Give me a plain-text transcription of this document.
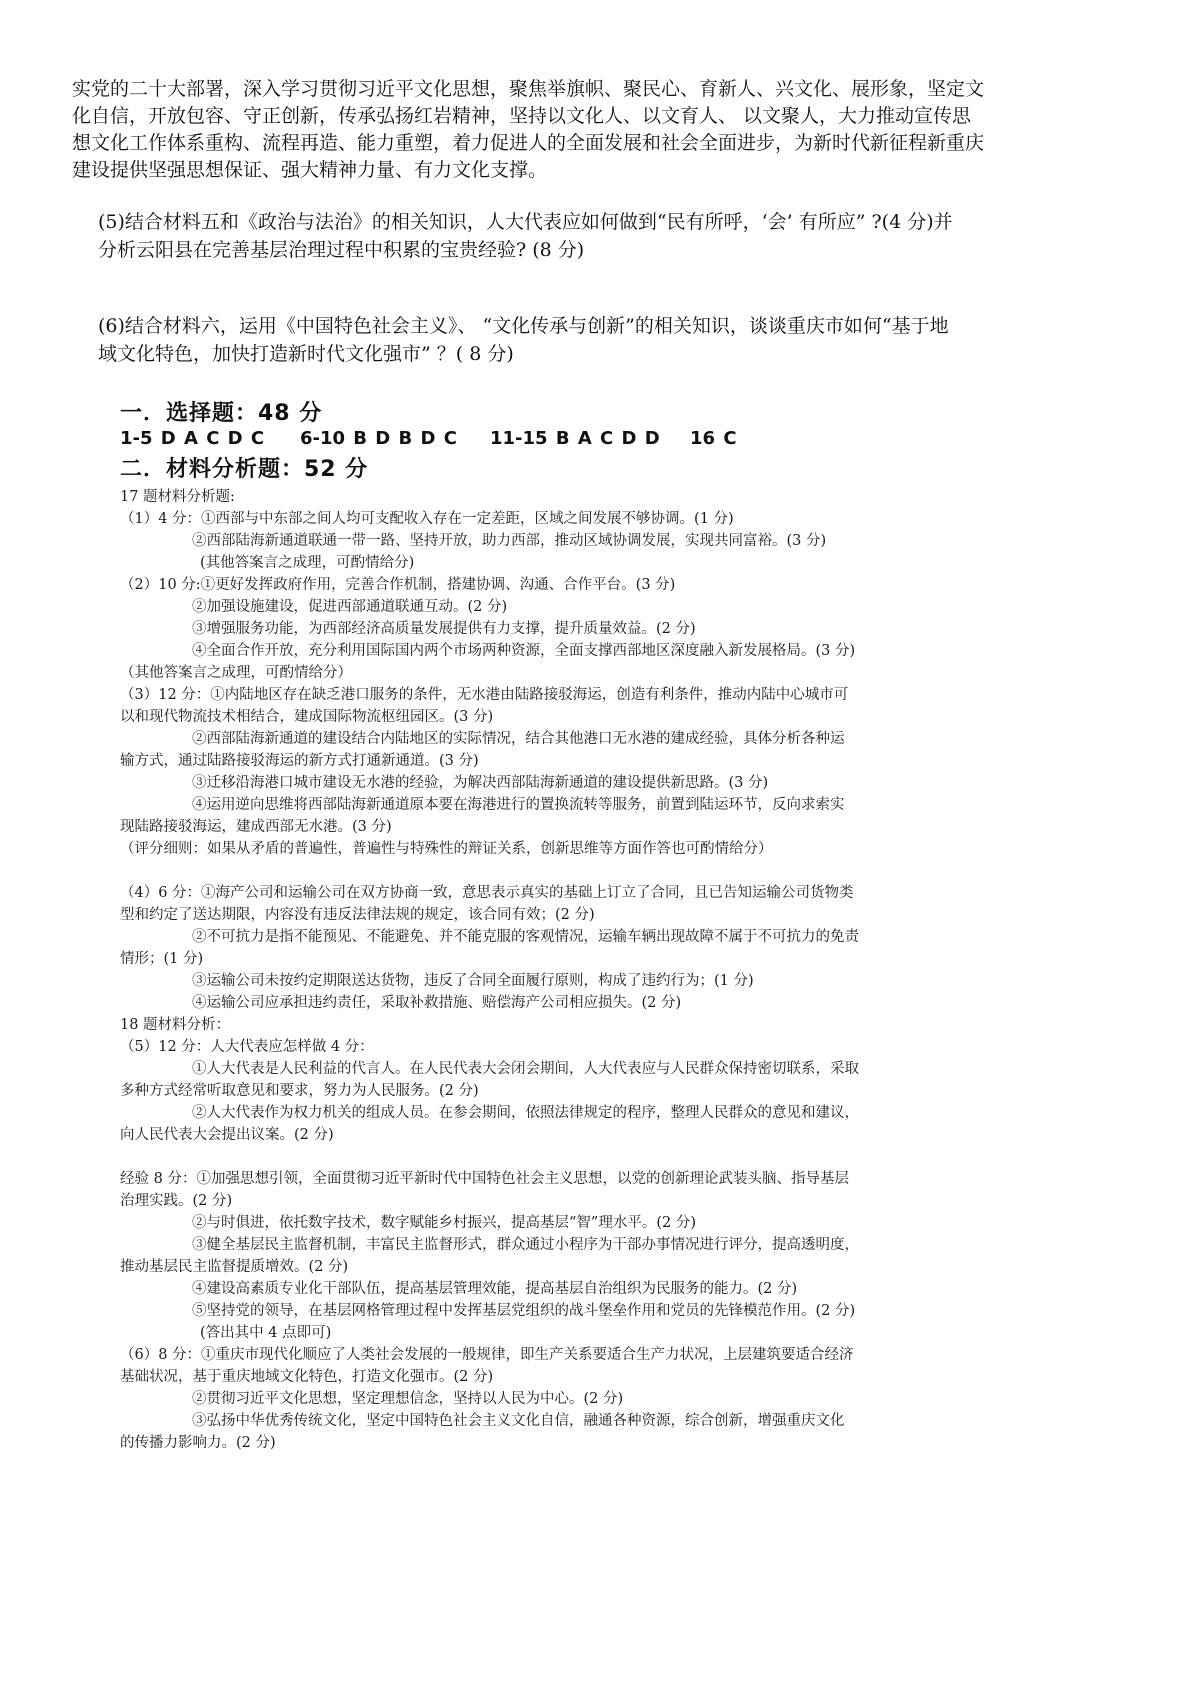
实党的二十大部署，深入学习贯彻习近平文化思想，聚焦举旗帜、聚民心、育新人、兴文化、展形象，坚定文
化自信，开放包容、守正创新，传承弘扬红岩精神，坚持以文化人、以文育人、 以文聚人，大力推动宣传思
想文化工作体系重构、流程再造、能力重塑，着力促进人的全面发展和社会全面进步，为新时代新征程新重庆
建设提供坚强思想保证、强大精神力量、有力文化支撑。
(5)结合材料五和《政治与法治》的相关知识，人大代表应如何做到“民有所呼，‘会’ 有所应” ?(4 分)并
分析云阳县在完善基层治理过程中积累的宝贵经验? (8 分)
(6)结合材料六，运用《中国特色社会主义》、 “文化传承与创新”的相关知识，谈谈重庆市如何“基于地
域文化特色，加快打造新时代文化强市” ？( 8 分)
一．选择题：48 分
1-5 D A C D C 6-10 B D B D C 11-15 B A C D D 16 C
二．材料分析题：52 分
17 题材料分析题:
（1）4 分：①西部与中东部之间人均可支配收入存在一定差距，区域之间发展不够协调。(1 分)
②西部陆海新通道联通一带一路、坚持开放，助力西部，推动区域协调发展，实现共同富裕。(3 分)
(其他答案言之成理，可酌情给分)
（2）10 分:①更好发挥政府作用，完善合作机制，搭建协调、沟通、合作平台。(3 分)
②加强设施建设，促进西部通道联通互动。(2 分)
③增强服务功能，为西部经济高质量发展提供有力支撑，提升质量效益。(2 分)
④全面合作开放，充分利用国际国内两个市场两种资源，全面支撑西部地区深度融入新发展格局。(3 分)
（其他答案言之成理，可酌情给分）
（3）12 分：①内陆地区存在缺乏港口服务的条件，无水港由陆路接驳海运，创造有利条件，推动内陆中心城市可
以和现代物流技术相结合，建成国际物流枢纽园区。(3 分)
②西部陆海新通道的建设结合内陆地区的实际情况，结合其他港口无水港的建成经验，具体分析各种运
输方式，通过陆路接驳海运的新方式打通新通道。(3 分)
③迁移沿海港口城市建设无水港的经验，为解决西部陆海新通道的建设提供新思路。(3 分)
④运用逆向思维将西部陆海新通道原本要在海港进行的置换流转等服务，前置到陆运环节，反向求索实
现陆路接驳海运，建成西部无水港。(3 分)
（评分细则：如果从矛盾的普遍性，普遍性与特殊性的辩证关系，创新思维等方面作答也可酌情给分）
（4）6 分：①海产公司和运输公司在双方协商一致，意思表示真实的基础上订立了合同，且已告知运输公司货物类
型和约定了送达期限，内容没有违反法律法规的规定，该合同有效；(2 分)
②不可抗力是指不能预见、不能避免、并不能克服的客观情况，运输车辆出现故障不属于不可抗力的免责
情形；(1 分)
③运输公司未按约定期限送达货物，违反了合同全面履行原则，构成了违约行为；(1 分)
④运输公司应承担违约责任，采取补救措施、赔偿海产公司相应损失。(2 分)
18 题材料分析：
（5）12 分：人大代表应怎样做 4 分：
①人大代表是人民利益的代言人。在人民代表大会闭会期间，人大代表应与人民群众保持密切联系，采取
多种方式经常听取意见和要求，努力为人民服务。(2 分)
②人大代表作为权力机关的组成人员。在参会期间，依照法律规定的程序，整理人民群众的意见和建议，
向人民代表大会提出议案。(2 分)
经验 8 分：①加强思想引领，全面贯彻习近平新时代中国特色社会主义思想，以党的创新理论武装头脑、指导基层
治理实践。(2 分)
②与时俱进，依托数字技术，数字赋能乡村振兴，提高基层“智”理水平。(2 分)
③健全基层民主监督机制，丰富民主监督形式，群众通过小程序为干部办事情况进行评分，提高透明度，
推动基层民主监督提质增效。(2 分)
④建设高素质专业化干部队伍，提高基层管理效能，提高基层自治组织为民服务的能力。(2 分)
⑤坚持党的领导，在基层网格管理过程中发挥基层党组织的战斗堡垒作用和党员的先锋模范作用。(2 分)
(答出其中 4 点即可)
（6）8 分：①重庆市现代化顺应了人类社会发展的一般规律，即生产关系要适合生产力状况，上层建筑要适合经济
基础状况，基于重庆地域文化特色，打造文化强市。(2 分)
②贯彻习近平文化思想，坚定理想信念，坚持以人民为中心。(2 分)
③弘扬中华优秀传统文化，坚定中国特色社会主义文化自信，融通各种资源，综合创新，增强重庆文化
的传播力影响力。(2 分)
